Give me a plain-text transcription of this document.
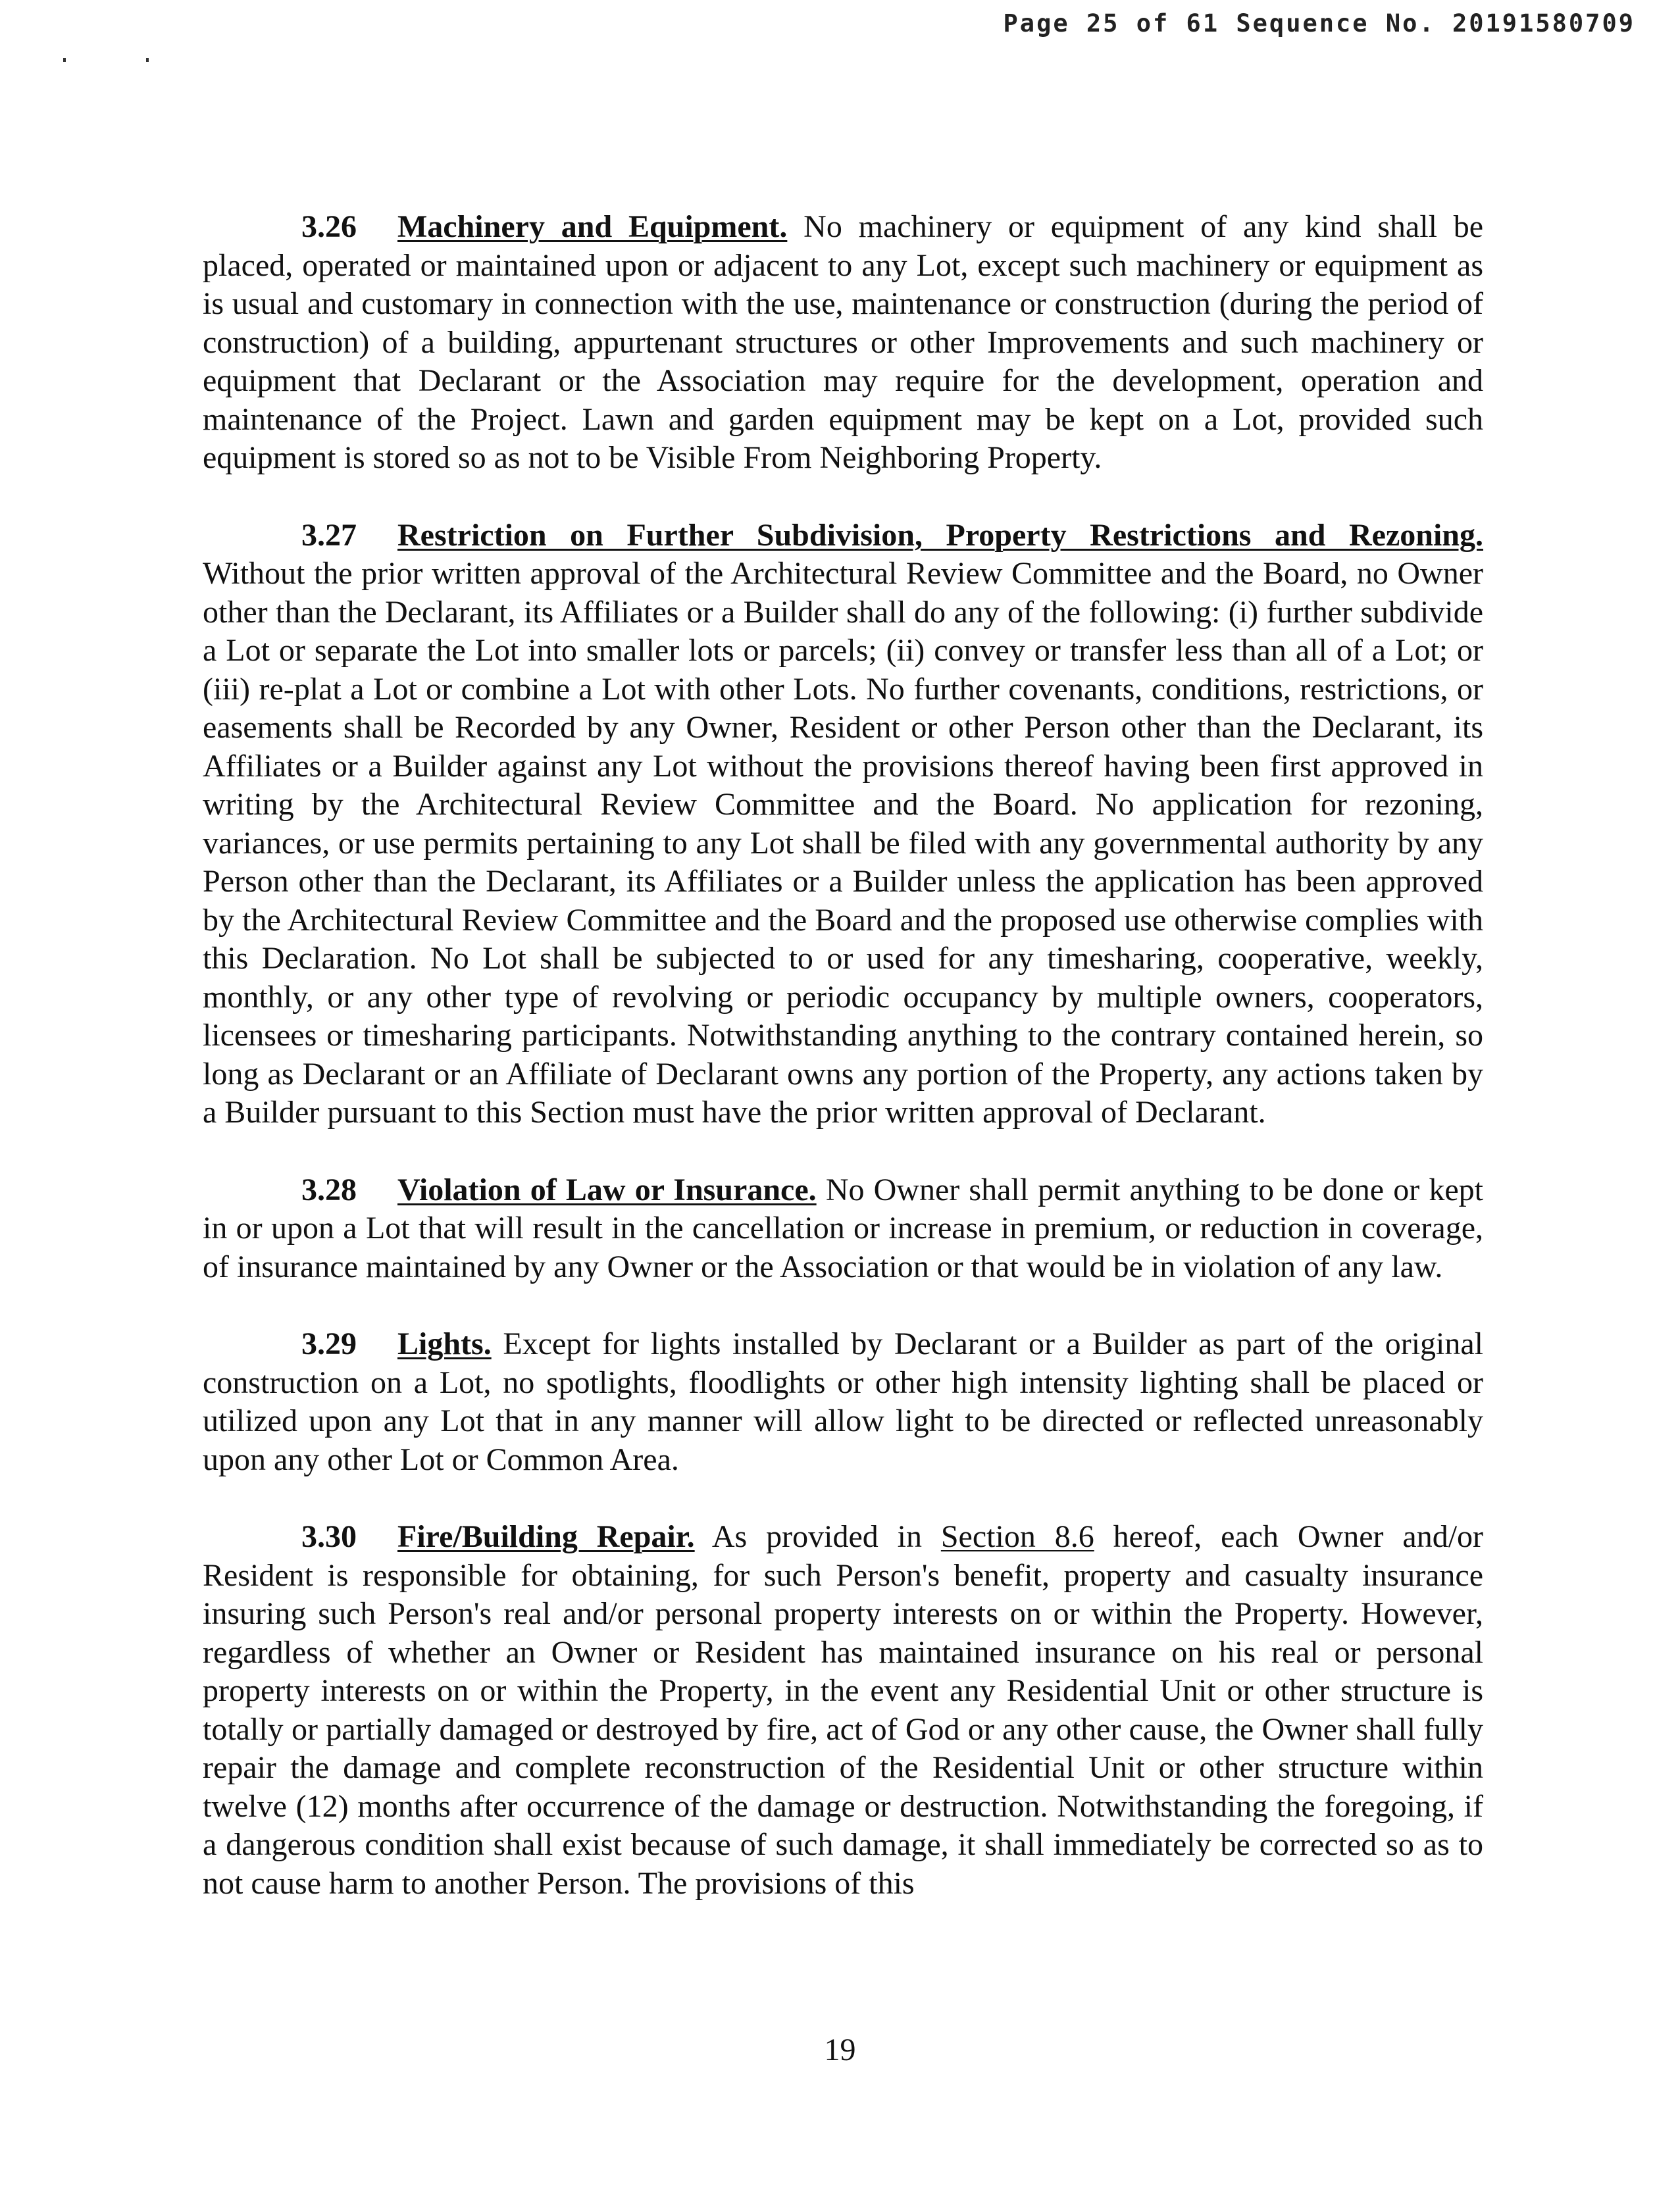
Page 25 of 61 Sequence No. 20191580709

3.26 Machinery and Equipment. No machinery or equipment of any kind shall be placed, operated or maintained upon or adjacent to any Lot, except such machinery or equipment as is usual and customary in connection with the use, maintenance or construction (during the period of construction) of a building, appurtenant structures or other Improvements and such machinery or equipment that Declarant or the Association may require for the development, operation and maintenance of the Project. Lawn and garden equipment may be kept on a Lot, provided such equipment is stored so as not to be Visible From Neighboring Property.

3.27 Restriction on Further Subdivision, Property Restrictions and Rezoning. Without the prior written approval of the Architectural Review Committee and the Board, no Owner other than the Declarant, its Affiliates or a Builder shall do any of the following: (i) further subdivide a Lot or separate the Lot into smaller lots or parcels; (ii) convey or transfer less than all of a Lot; or (iii) re-plat a Lot or combine a Lot with other Lots. No further covenants, conditions, restrictions, or easements shall be Recorded by any Owner, Resident or other Person other than the Declarant, its Affiliates or a Builder against any Lot without the provisions thereof having been first approved in writing by the Architectural Review Committee and the Board. No application for rezoning, variances, or use permits pertaining to any Lot shall be filed with any governmental authority by any Person other than the Declarant, its Affiliates or a Builder unless the application has been approved by the Architectural Review Committee and the Board and the proposed use otherwise complies with this Declaration. No Lot shall be subjected to or used for any timesharing, cooperative, weekly, monthly, or any other type of revolving or periodic occupancy by multiple owners, cooperators, licensees or timesharing participants. Notwithstanding anything to the contrary contained herein, so long as Declarant or an Affiliate of Declarant owns any portion of the Property, any actions taken by a Builder pursuant to this Section must have the prior written approval of Declarant.

3.28 Violation of Law or Insurance. No Owner shall permit anything to be done or kept in or upon a Lot that will result in the cancellation or increase in premium, or reduction in coverage, of insurance maintained by any Owner or the Association or that would be in violation of any law.

3.29 Lights. Except for lights installed by Declarant or a Builder as part of the original construction on a Lot, no spotlights, floodlights or other high intensity lighting shall be placed or utilized upon any Lot that in any manner will allow light to be directed or reflected unreasonably upon any other Lot or Common Area.

3.30 Fire/Building Repair. As provided in Section 8.6 hereof, each Owner and/or Resident is responsible for obtaining, for such Person's benefit, property and casualty insurance insuring such Person's real and/or personal property interests on or within the Property. However, regardless of whether an Owner or Resident has maintained insurance on his real or personal property interests on or within the Property, in the event any Residential Unit or other structure is totally or partially damaged or destroyed by fire, act of God or any other cause, the Owner shall fully repair the damage and complete reconstruction of the Residential Unit or other structure within twelve (12) months after occurrence of the damage or destruction. Notwithstanding the foregoing, if a dangerous condition shall exist because of such damage, it shall immediately be corrected so as to not cause harm to another Person. The provisions of this

19
